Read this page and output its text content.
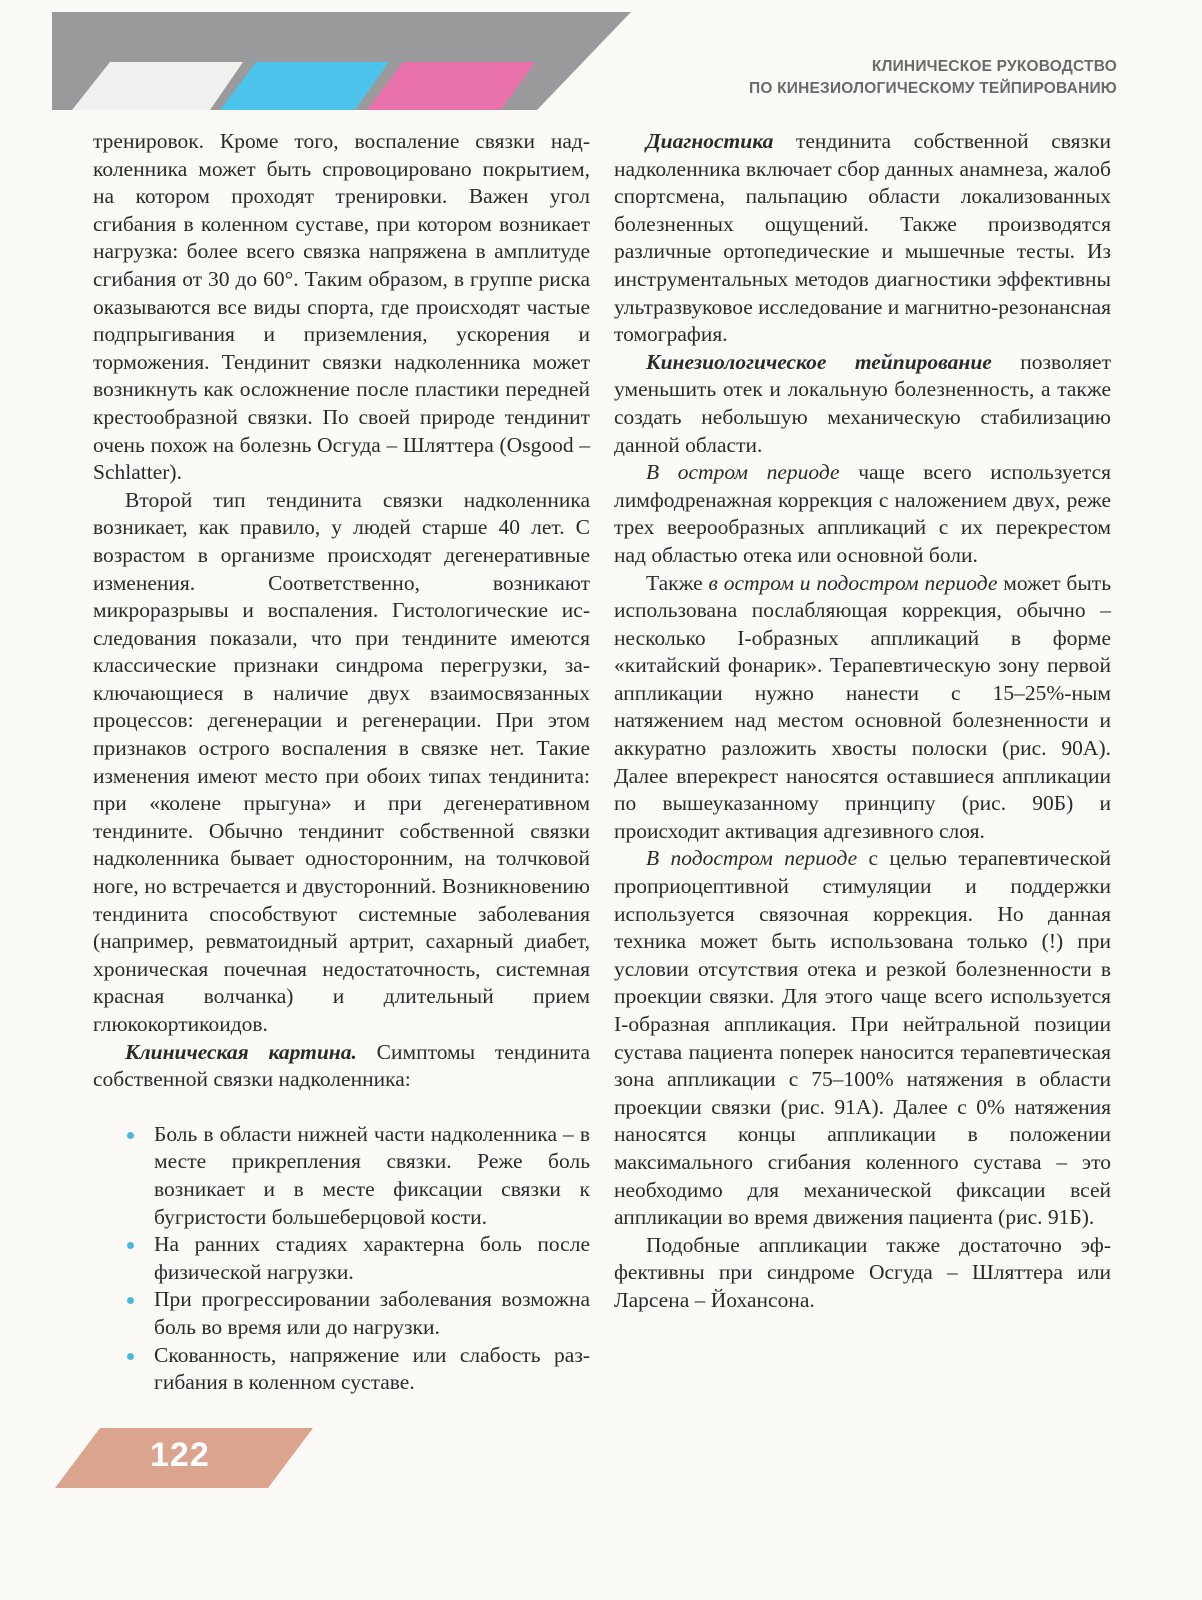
КЛИНИЧЕСКОЕ РУКОВОДСТВО
ПО КИНЕЗИОЛОГИЧЕСКОМУ ТЕЙПИРОВАНИЮ

тренировок. Кроме того, воспаление связки надколенника может быть спровоцировано покрытием, на котором проходят тренировки. Важен угол сгибания в коленном суставе, при котором возникает нагрузка: более всего связка напряжена в амплитуде сгибания от 30 до 60°. Таким образом, в группе риска оказываются все виды спорта, где происходят частые подпрыгивания и приземления, ускорения и торможения. Тендинит связки надколенника может возникнуть как осложнение после пластики передней крестообразной связки. По своей природе тендинит очень похож на болезнь Осгуда – Шляттера (Osgood – Schlatter).

Второй тип тендинита связки надколенника возникает, как правило, у людей старше 40 лет. С возрастом в организме происходят дегенеративные изменения. Соответственно, возникают микроразрывы и воспаления. Гистологические исследования показали, что при тендините имеются классические признаки синдрома перегрузки, заключающиеся в наличие двух взаимосвязанных процессов: дегенерации и регенерации. При этом признаков острого воспаления в связке нет. Такие изменения имеют место при обоих типах тендинита: при «колене прыгуна» и при дегенеративном тендините. Обычно тендинит собственной связки надколенника бывает односторонним, на толчковой ноге, но встречается и двусторонний. Возникновению тендинита способствуют системные заболевания (например, ревматоидный артрит, сахарный диабет, хроническая почечная недостаточность, системная красная волчанка) и длительный прием глюкокортикоидов.

Клиническая картина. Симптомы тендинита собственной связки надколенника:

Боль в области нижней части надколенника – в месте прикрепления связки. Реже боль возникает и в месте фиксации связки к бугристости большеберцовой кости.
На ранних стадиях характерна боль после физической нагрузки.
При прогрессировании заболевания возможна боль во время или до нагрузки.
Скованность, напряжение или слабость разгибания в коленном суставе.

Диагностика тендинита собственной связки надколенника включает сбор данных анамнеза, жалоб спортсмена, пальпацию области локализованных болезненных ощущений. Также производятся различные ортопедические и мышечные тесты. Из инструментальных методов диагностики эффективны ультразвуковое исследование и магнитно-резонансная томография.

Кинезиологическое тейпирование позволяет уменьшить отек и локальную болезненность, а также создать небольшую механическую стабилизацию данной области.

В остром периоде чаще всего используется лимфодренажная коррекция с наложением двух, реже трех веерообразных аппликаций с их перекрестом над областью отека или основной боли.

Также в остром и подостром периоде может быть использована послабляющая коррекция, обычно – несколько I-образных аппликаций в форме «китайский фонарик». Терапевтическую зону первой аппликации нужно нанести с 15–25%-ным натяжением над местом основной болезненности и аккуратно разложить хвосты полоски (рис. 90А). Далее вперекрест наносятся оставшиеся аппликации по вышеуказанному принципу (рис. 90Б) и происходит активация адгезивного слоя.

В подостром периоде с целью терапевтической проприоцептивной стимуляции и поддержки используется связочная коррекция. Но данная техника может быть использована только (!) при условии отсутствия отека и резкой болезненности в проекции связки. Для этого чаще всего используется I-образная аппликация. При нейтральной позиции сустава пациента поперек наносится терапевтическая зона аппликации с 75–100% натяжения в области проекции связки (рис. 91А). Далее с 0% натяжения наносятся концы аппликации в положении максимального сгибания коленного сустава – это необходимо для механической фиксации всей аппликации во время движения пациента (рис. 91Б).

Подобные аппликации также достаточно эффективны при синдроме Осгуда – Шляттера или Ларсена – Йохансона.

122
